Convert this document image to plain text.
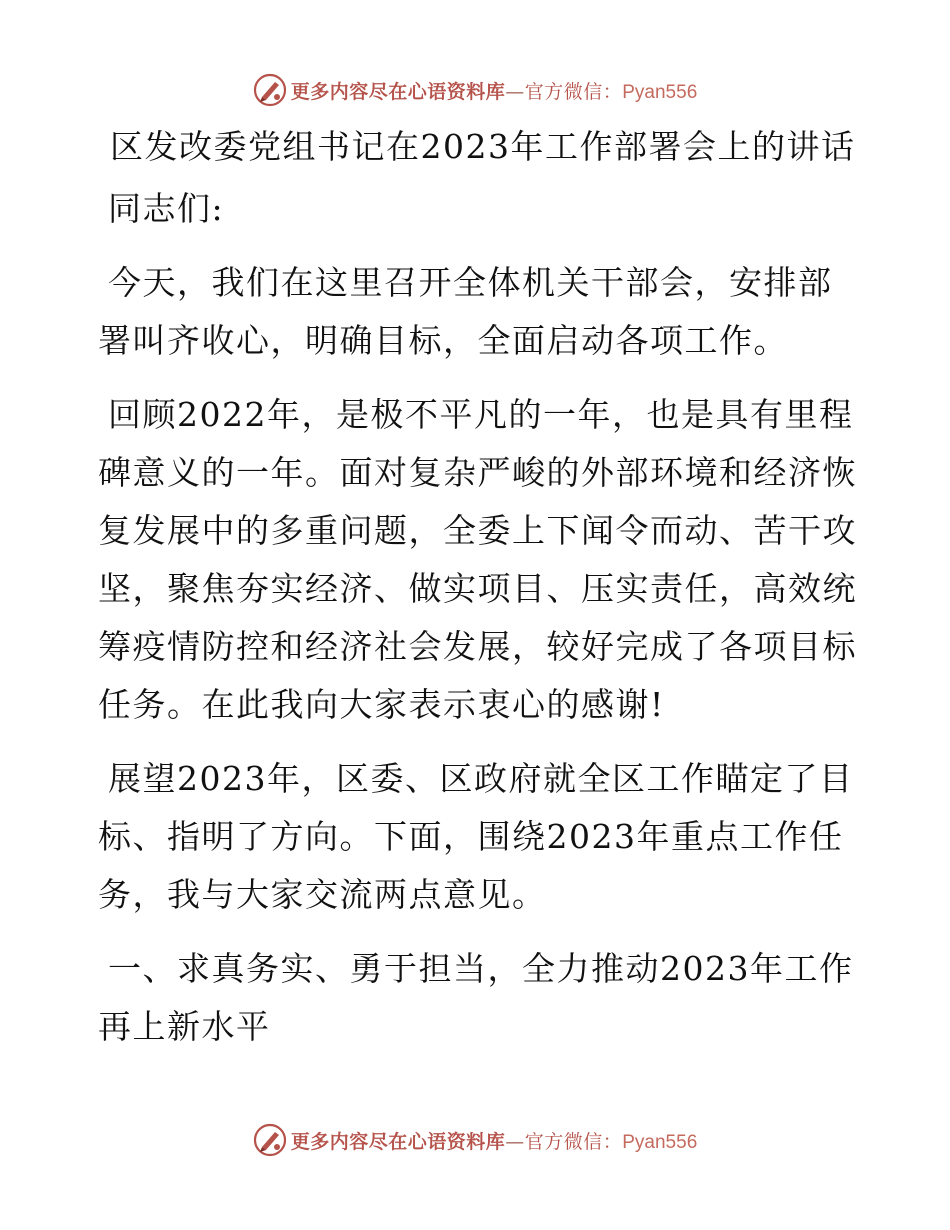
更多内容尽在心语资料库—官方微信：Pyan556
区发改委党组书记在2023年工作部署会上的讲话
同志们:
今天，我们在这里召开全体机关干部会，安排部
署叫齐收心，明确目标，全面启动各项工作。
回顾2022年，是极不平凡的一年，也是具有里程
碑意义的一年。面对复杂严峻的外部环境和经济恢
复发展中的多重问题，全委上下闻令而动、苦干攻
坚，聚焦夯实经济、做实项目、压实责任，高效统
筹疫情防控和经济社会发展，较好完成了各项目标
任务。在此我向大家表示衷心的感谢!
展望2023年，区委、区政府就全区工作瞄定了目
标、指明了方向。下面，围绕2023年重点工作任
务，我与大家交流两点意见。
一、求真务实、勇于担当，全力推动2023年工作
再上新水平
更多内容尽在心语资料库—官方微信：Pyan556
